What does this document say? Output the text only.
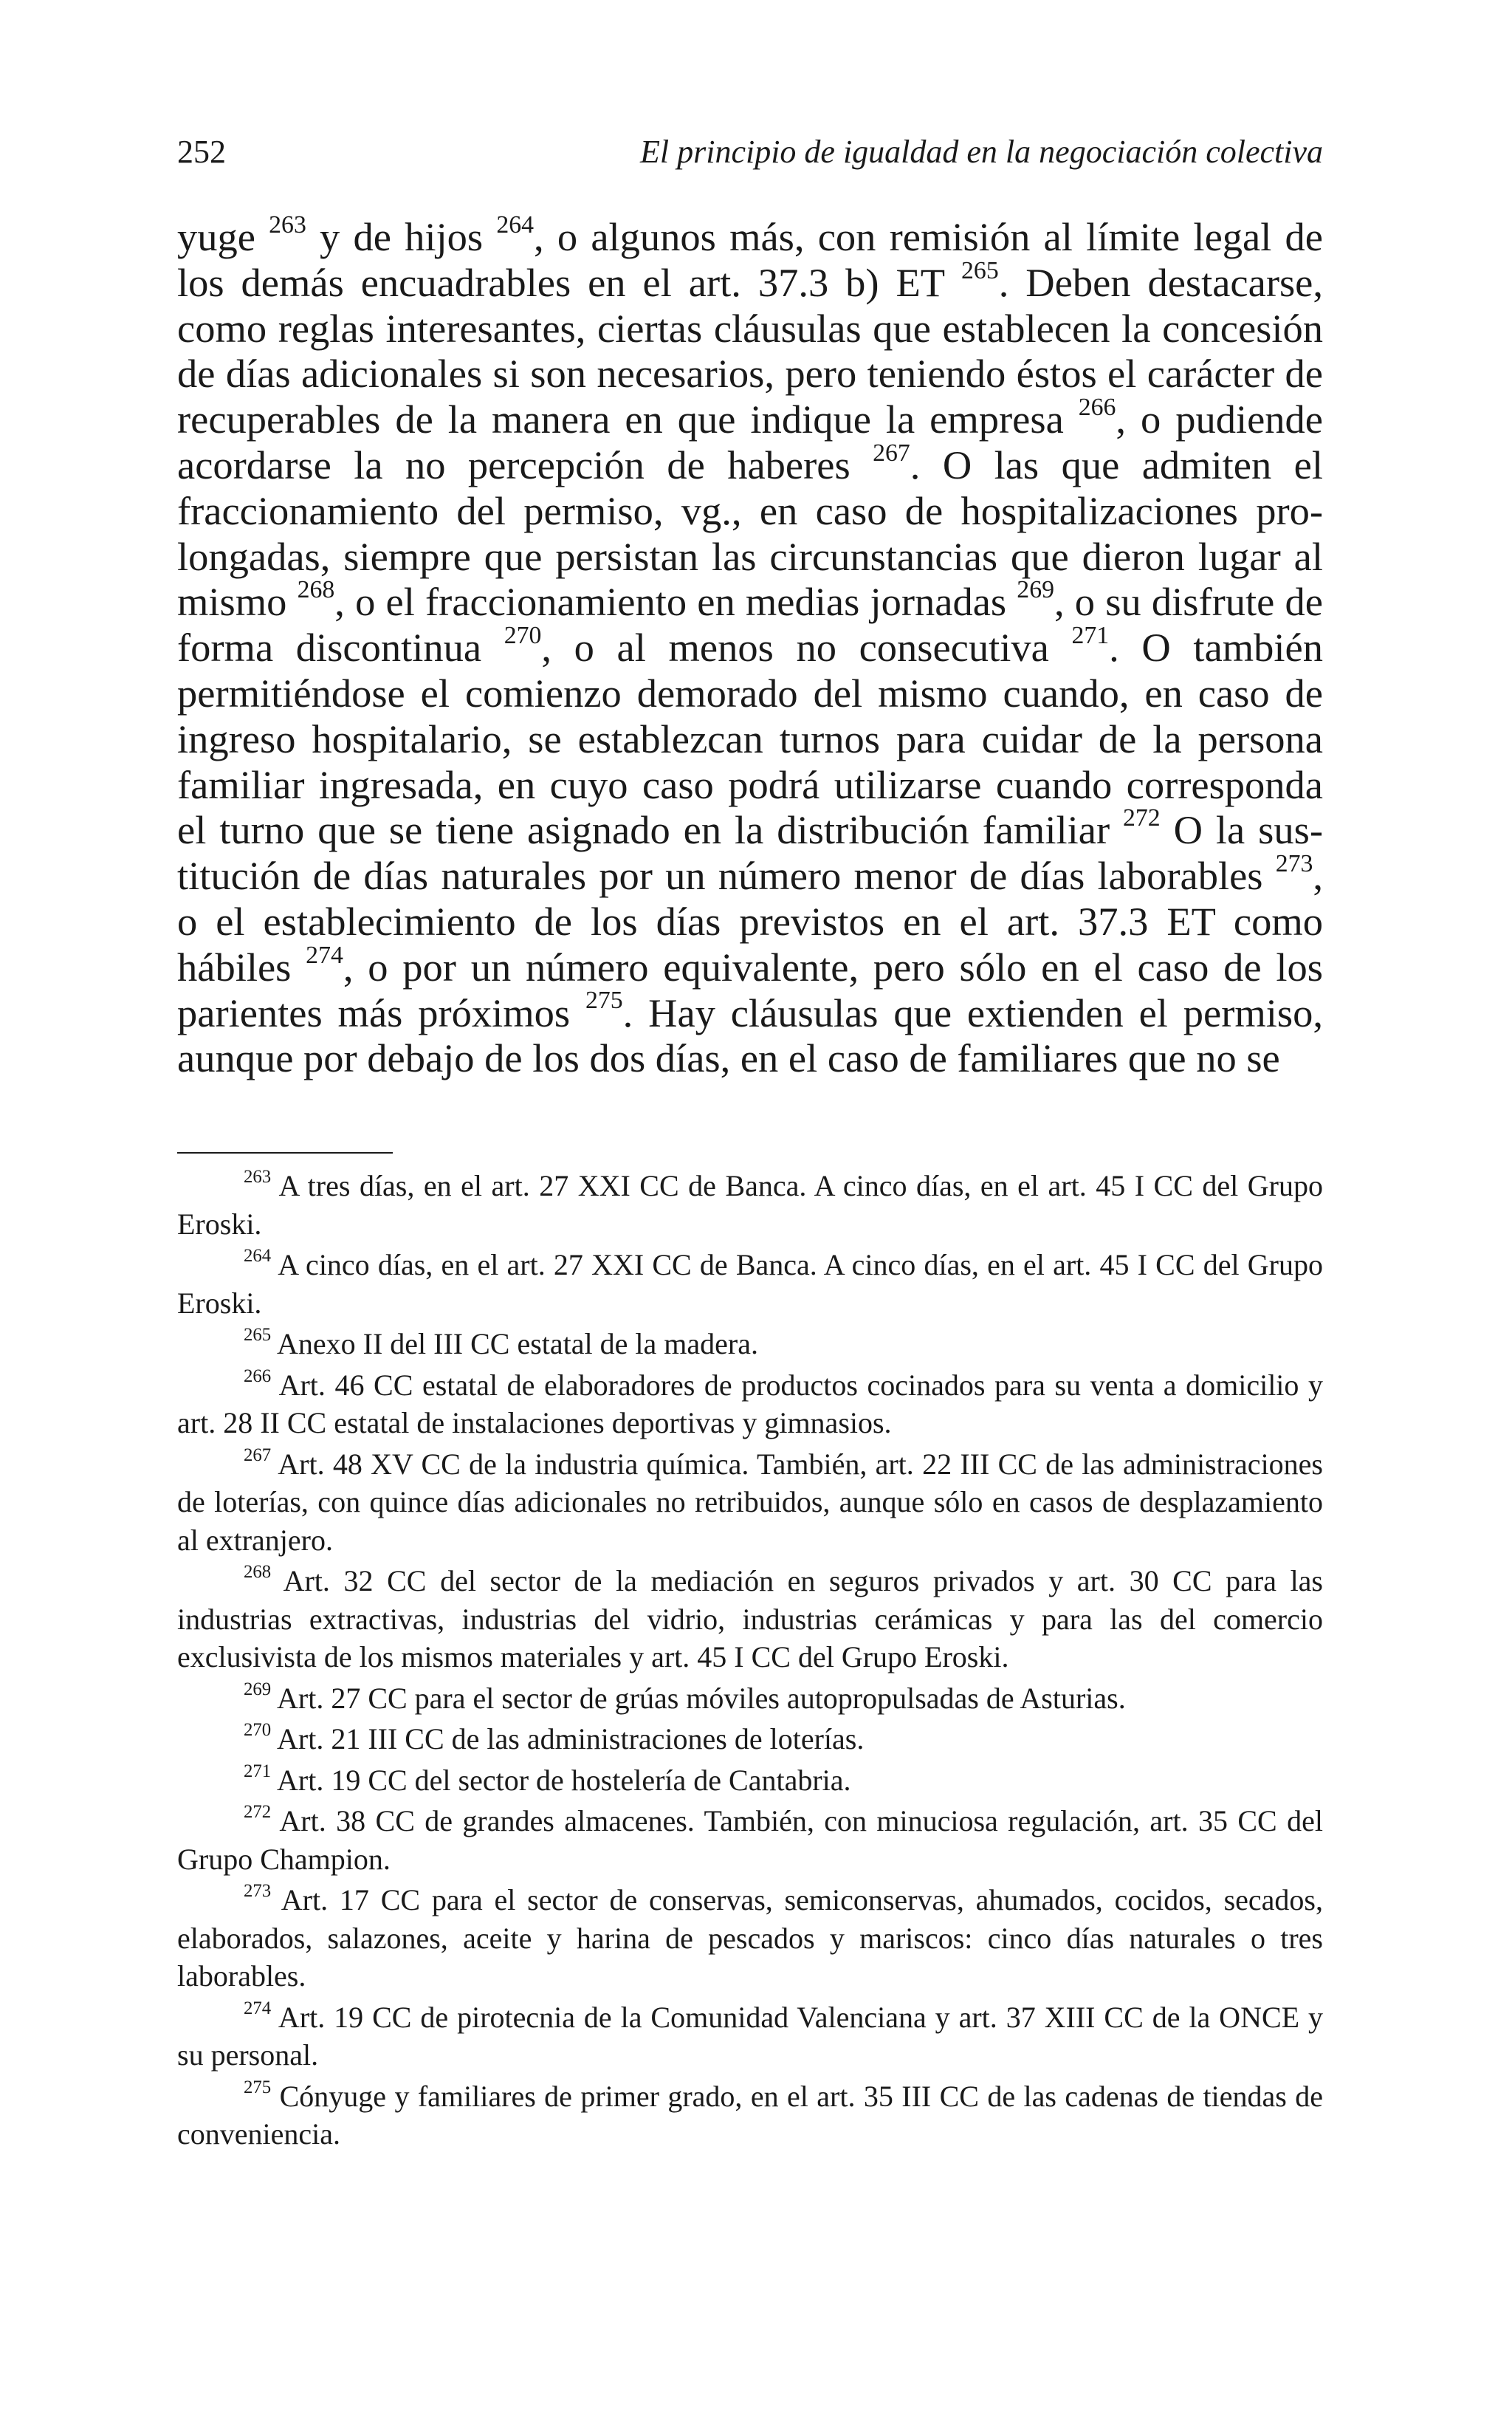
252	El principio de igualdad en la negociación colectiva

yuge $^{263}$ y de hijos $^{264}$, o algunos más, con remisión al límite legal de los demás encuadrables en el art. 37.3 b) ET $^{265}$. Deben destacarse, como reglas interesantes, ciertas cláusulas que establecen la concesión de días adicionales si son necesarios, pero teniendo éstos el carácter de recuperables de la manera en que indique la empresa $^{266}$, o pudiende acordarse la no percepción de haberes $^{267}$. O las que admiten el fraccionamiento del permiso, vg., en caso de hospitalizaciones prolongadas, siempre que persistan las circunstancias que dieron lugar al mismo $^{268}$, o el fraccionamiento en medias jornadas $^{269}$, o su disfrute de forma discontinua $^{270}$, o al menos no consecutiva $^{271}$. O también permitiéndose el comienzo demorado del mismo cuando, en caso de ingreso hospitalario, se establezcan turnos para cuidar de la persona familiar ingresada, en cuyo caso podrá utilizarse cuando corresponda el turno que se tiene asignado en la distribución familiar $^{272}$ O la sustitución de días naturales por un número menor de días laborables $^{273}$, o el establecimiento de los días previstos en el art. 37.3 ET como hábiles $^{274}$, o por un número equivalente, pero sólo en el caso de los parientes más próximos $^{275}$. Hay cláusulas que extienden el permiso, aunque por debajo de los dos días, en el caso de familiares que no se

$^{263}$ A tres días, en el art. 27 XXI CC de Banca. A cinco días, en el art. 45 I CC del Grupo Eroski.

$^{264}$ A cinco días, en el art. 27 XXI CC de Banca. A cinco días, en el art. 45 I CC del Grupo Eroski.

$^{265}$ Anexo II del III CC estatal de la madera.

$^{266}$ Art. 46 CC estatal de elaboradores de productos cocinados para su venta a domicilio y art. 28 II CC estatal de instalaciones deportivas y gimnasios.

$^{267}$ Art. 48 XV CC de la industria química. También, art. 22 III CC de las administraciones de loterías, con quince días adicionales no retribuidos, aunque sólo en casos de desplazamiento al extranjero.

$^{268}$ Art. 32 CC del sector de la mediación en seguros privados y art. 30 CC para las industrias extractivas, industrias del vidrio, industrias cerámicas y para las del comercio exclusivista de los mismos materiales y art. 45 I CC del Grupo Eroski.

$^{269}$ Art. 27 CC para el sector de grúas móviles autopropulsadas de Asturias.

$^{270}$ Art. 21 III CC de las administraciones de loterías.

$^{271}$ Art. 19 CC del sector de hostelería de Cantabria.

$^{272}$ Art. 38 CC de grandes almacenes. También, con minuciosa regulación, art. 35 CC del Grupo Champion.

$^{273}$ Art. 17 CC para el sector de conservas, semiconservas, ahumados, cocidos, secados, elaborados, salazones, aceite y harina de pescados y mariscos: cinco días naturales o tres laborables.

$^{274}$ Art. 19 CC de pirotecnia de la Comunidad Valenciana y art. 37 XIII CC de la ONCE y su personal.

$^{275}$ Cónyuge y familiares de primer grado, en el art. 35 III CC de las cadenas de tiendas de conveniencia.
